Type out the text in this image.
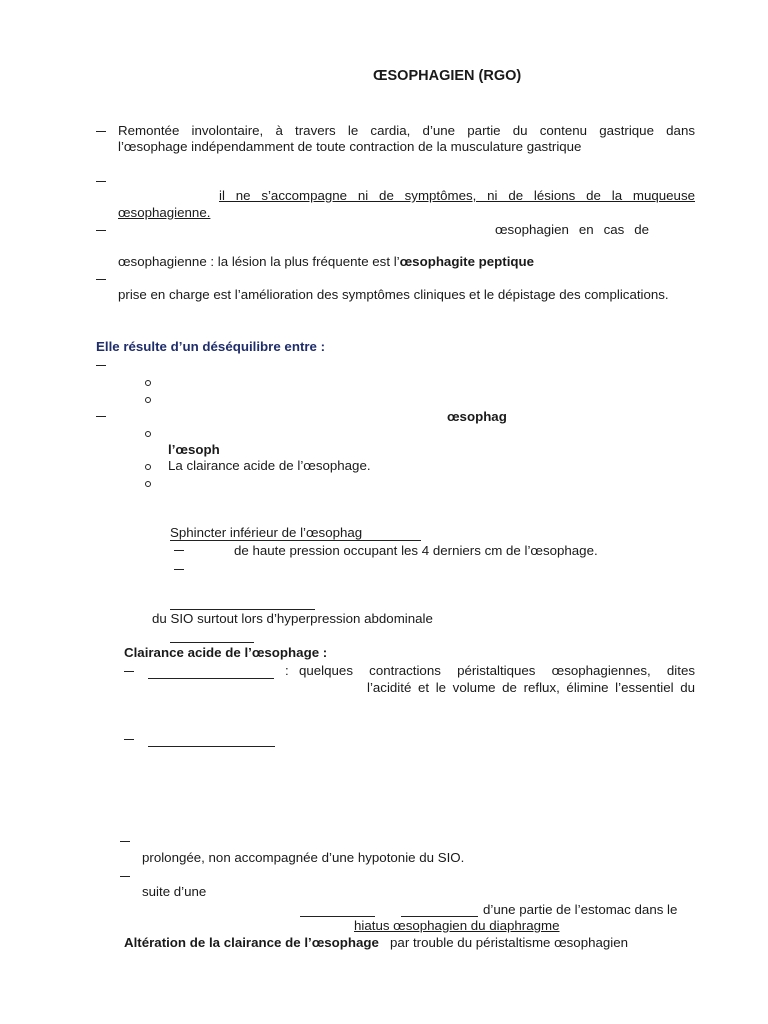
ŒSOPHAGIEN (RGO)
Remontée involontaire, à travers le cardia, d’une partie du contenu gastrique dans
l’œsophage indépendamment de toute contraction de la musculature gastrique
il ne s’accompagne ni de symptômes, ni de lésions de la muqueuse
œsophagienne.
œsophagien en cas de
œsophagienne : la lésion la plus fréquente est l’œsophagite peptique
prise en charge est l’amélioration des symptômes cliniques et le dépistage des complications.
Elle résulte d’un déséquilibre entre :
œsophag
l’œsoph
La clairance acide de l’œsophage.
Sphincter inférieur de l’œsophag
de haute pression occupant les 4 derniers cm de l’œsophage.
du SIO surtout lors d’hyperpression abdominale
Clairance acide de l’œsophage :
: quelques contractions péristaltiques œsophagiennes, dites
l’acidité et le volume de reflux, élimine l’essentiel du
prolongée, non accompagnée d’une hypotonie du SIO.
suite d’une
d’une partie de l’estomac dans le
hiatus œsophagien du diaphragme
Altération de la clairance de l’œsophage par trouble du péristaltisme œsophagien
